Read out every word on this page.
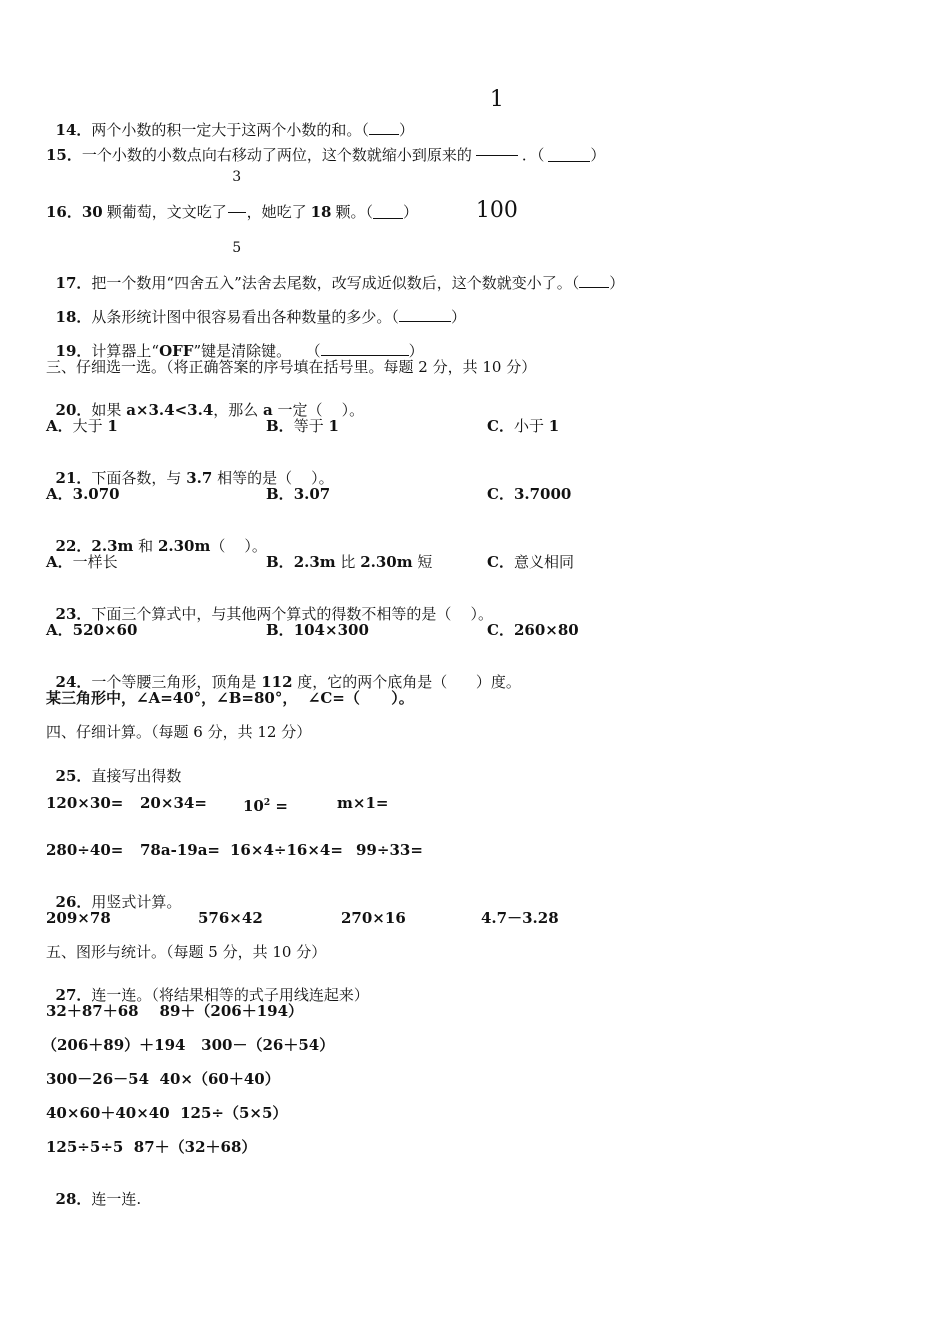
14．两个小数的积一定大于这两个小数的和。（ ）

15． 一个小数的小数点向右移动了两位，这个数就缩小到原来的

$\frac{1}{100}$

．（	）
16． 30 颗葡萄，文文吃了

$\frac{3}{5}$

，她吃了 18 颗。（ ）

17．把一个数用“四舍五入”法舍去尾数，改写成近似数后，这个数就变小了。（ ）

18．从条形统计图中很容易看出各种数量的多少。（	）

19．计算器上“OFF”键是清除键。 （	）

三、仔细选一选。（将正确答案的序号填在括号里。每题 2 分，共 10 分）

20．如果 a×3.4<3.4，那么 a 一定（    ）。

A．大于 1	B．等于 1	C．小于 1

21．下面各数，与 3.7 相等的是（    ）。

A．3.070	B．3.07	C．3.7000

22．2.3m 和 2.30m（    ）。

A．一样长	B．2.3m 比 2.30m 短	C．意义相同

23．下面三个算式中，与其他两个算式的得数不相等的是（    ）。

A．520×60	B．104×300	C．260×80

24．一个等腰三角形，顶角是 112 度，它的两个底角是（      ）度。

某三角形中，∠A=40°，∠B=80°，  ∠C=（      ）。
四、仔细计算。（每题 6 分，共 12 分）

25．直接写出得数

$120\times 30= 20\times 34= 10^2$ =	m×1=
280÷40= 78a-19a= 16×4÷16×4= 99÷33=

26．用竖式计算。

209×78	576×42	270×16	4.7－3.28
五、图形与统计。（每题 5 分，共 10 分）

27．连一连。（将结果相等的式子用线连起来）

32＋87＋68    89＋（206＋194）
（206＋89）＋194   300－（26＋54）
300－26－54  40×（60＋40）
40×60＋40×40  125÷（5×5）
125÷5÷5  87＋（32＋68）

28．连一连.
